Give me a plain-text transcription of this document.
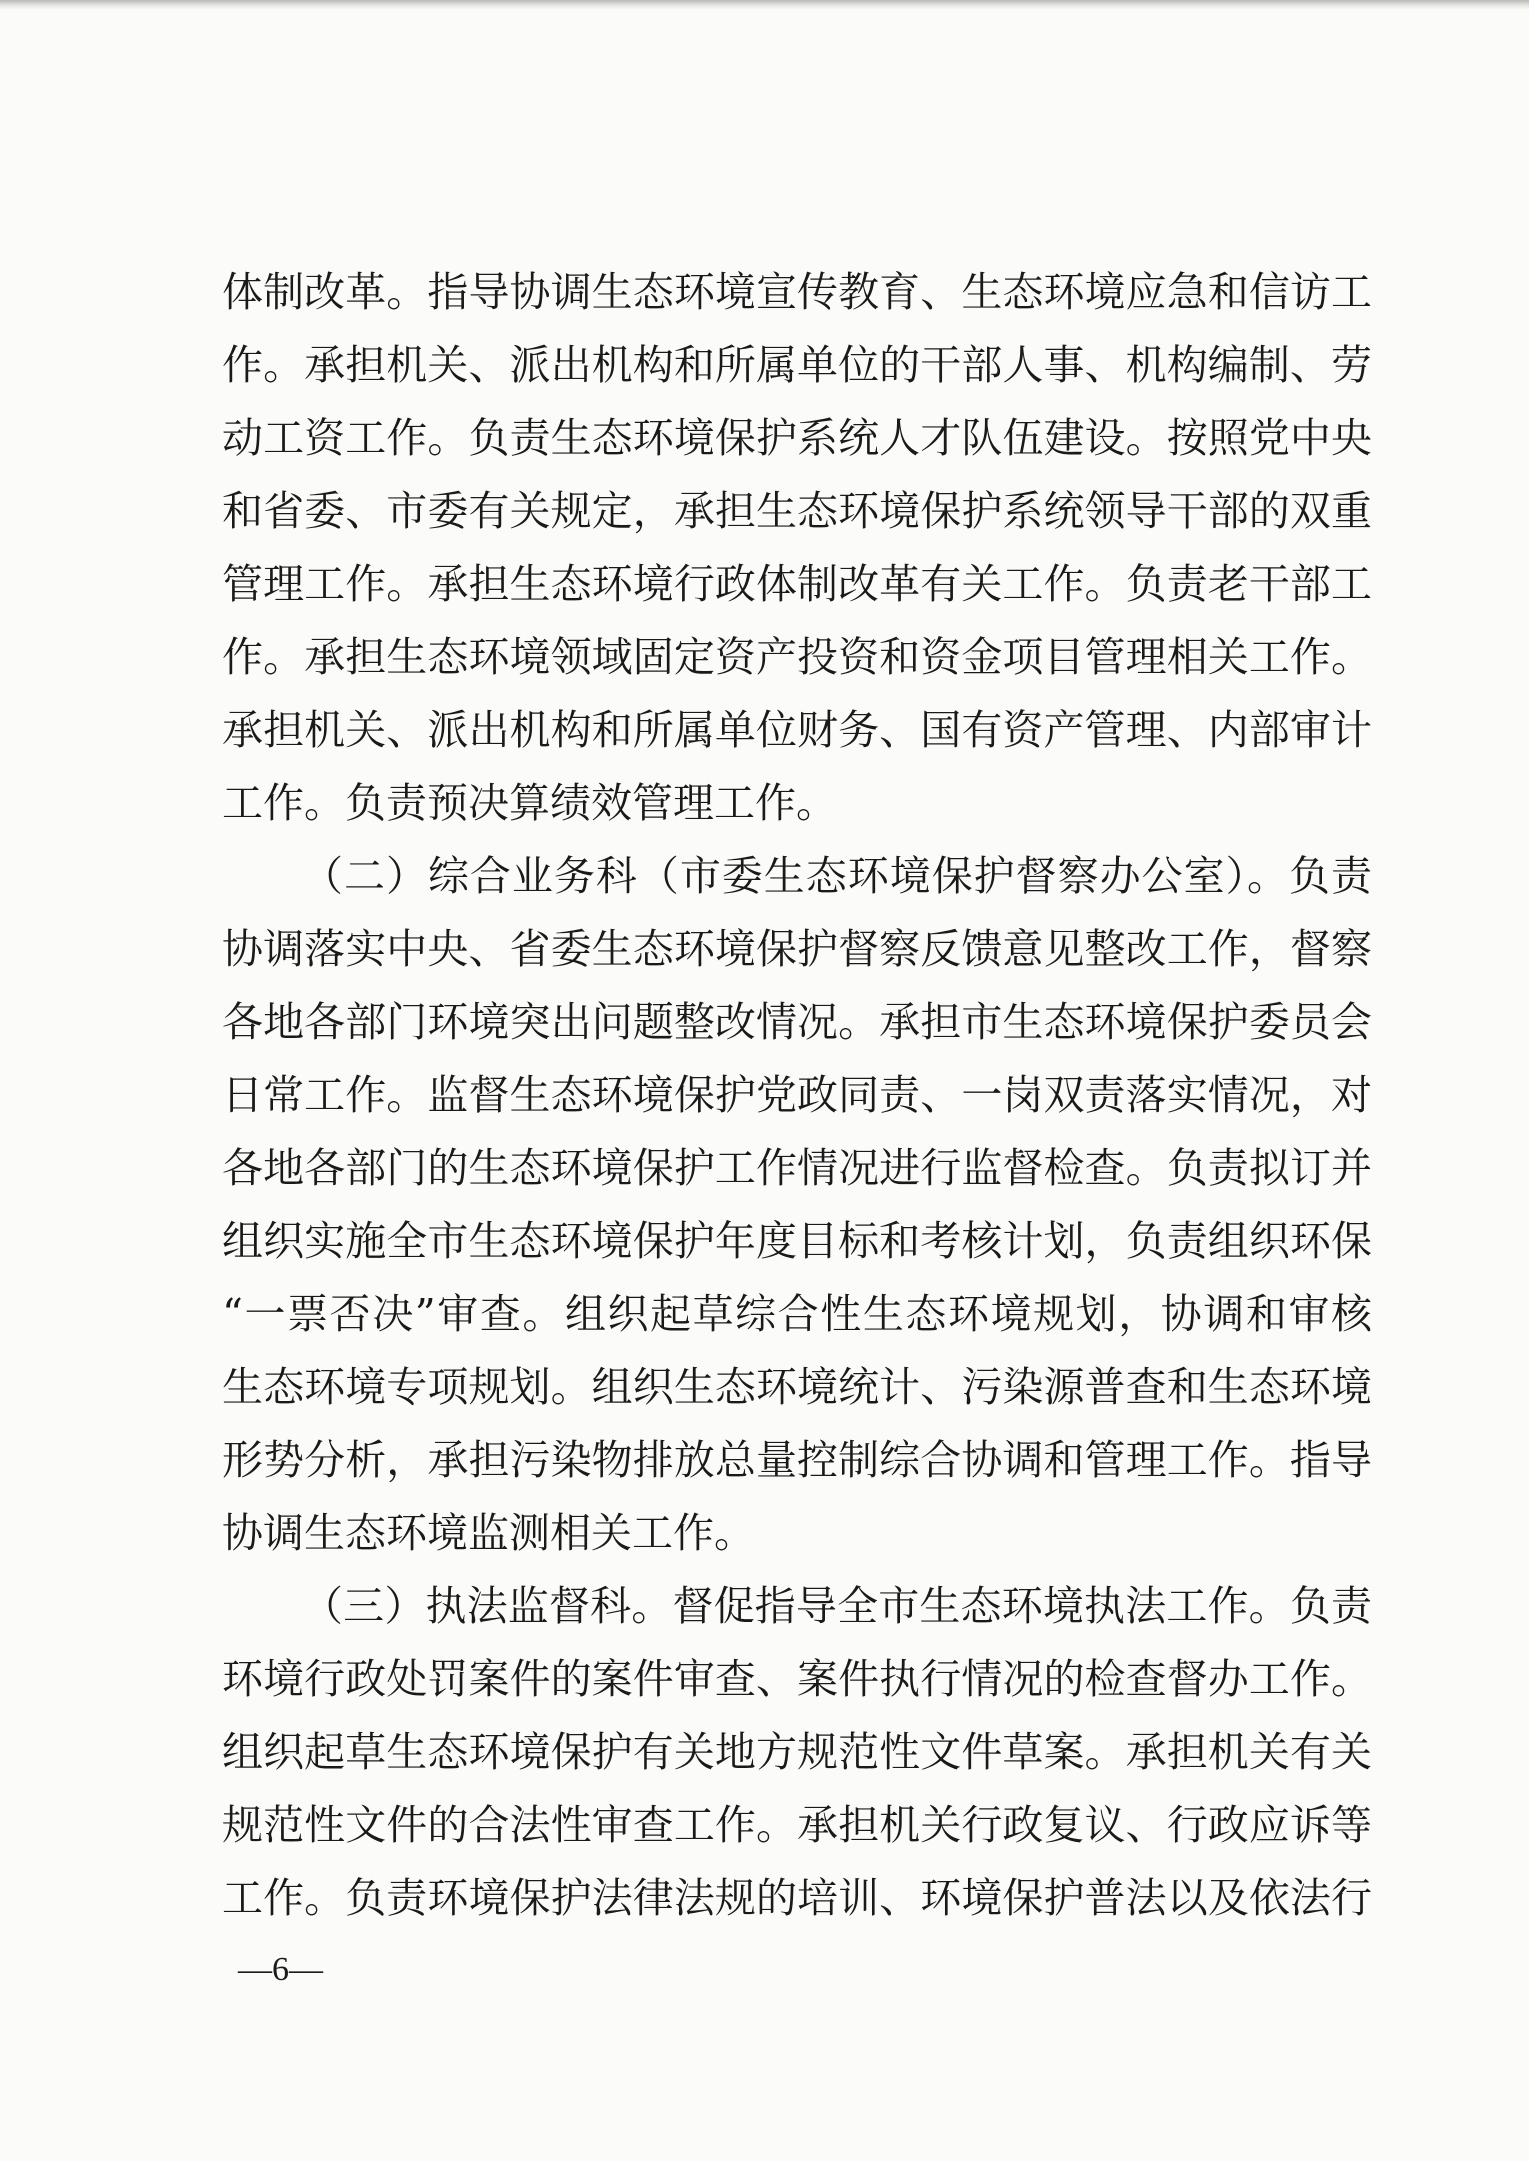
体制改革。指导协调生态环境宣传教育、生态环境应急和信访工
作。承担机关、派出机构和所属单位的干部人事、机构编制、劳
动工资工作。负责生态环境保护系统人才队伍建设。按照党中央
和省委、市委有关规定，承担生态环境保护系统领导干部的双重
管理工作。承担生态环境行政体制改革有关工作。负责老干部工
作。承担生态环境领域固定资产投资和资金项目管理相关工作。
承担机关、派出机构和所属单位财务、国有资产管理、内部审计
工作。负责预决算绩效管理工作。
（二）综合业务科（市委生态环境保护督察办公室）。负责
协调落实中央、省委生态环境保护督察反馈意见整改工作，督察
各地各部门环境突出问题整改情况。承担市生态环境保护委员会
日常工作。监督生态环境保护党政同责、一岗双责落实情况，对
各地各部门的生态环境保护工作情况进行监督检查。负责拟订并
组织实施全市生态环境保护年度目标和考核计划，负责组织环保
“一票否决”审查。组织起草综合性生态环境规划，协调和审核
生态环境专项规划。组织生态环境统计、污染源普查和生态环境
形势分析，承担污染物排放总量控制综合协调和管理工作。指导
协调生态环境监测相关工作。
（三）执法监督科。督促指导全市生态环境执法工作。负责
环境行政处罚案件的案件审查、案件执行情况的检查督办工作。
组织起草生态环境保护有关地方规范性文件草案。承担机关有关
规范性文件的合法性审查工作。承担机关行政复议、行政应诉等
工作。负责环境保护法律法规的培训、环境保护普法以及依法行
—6—
